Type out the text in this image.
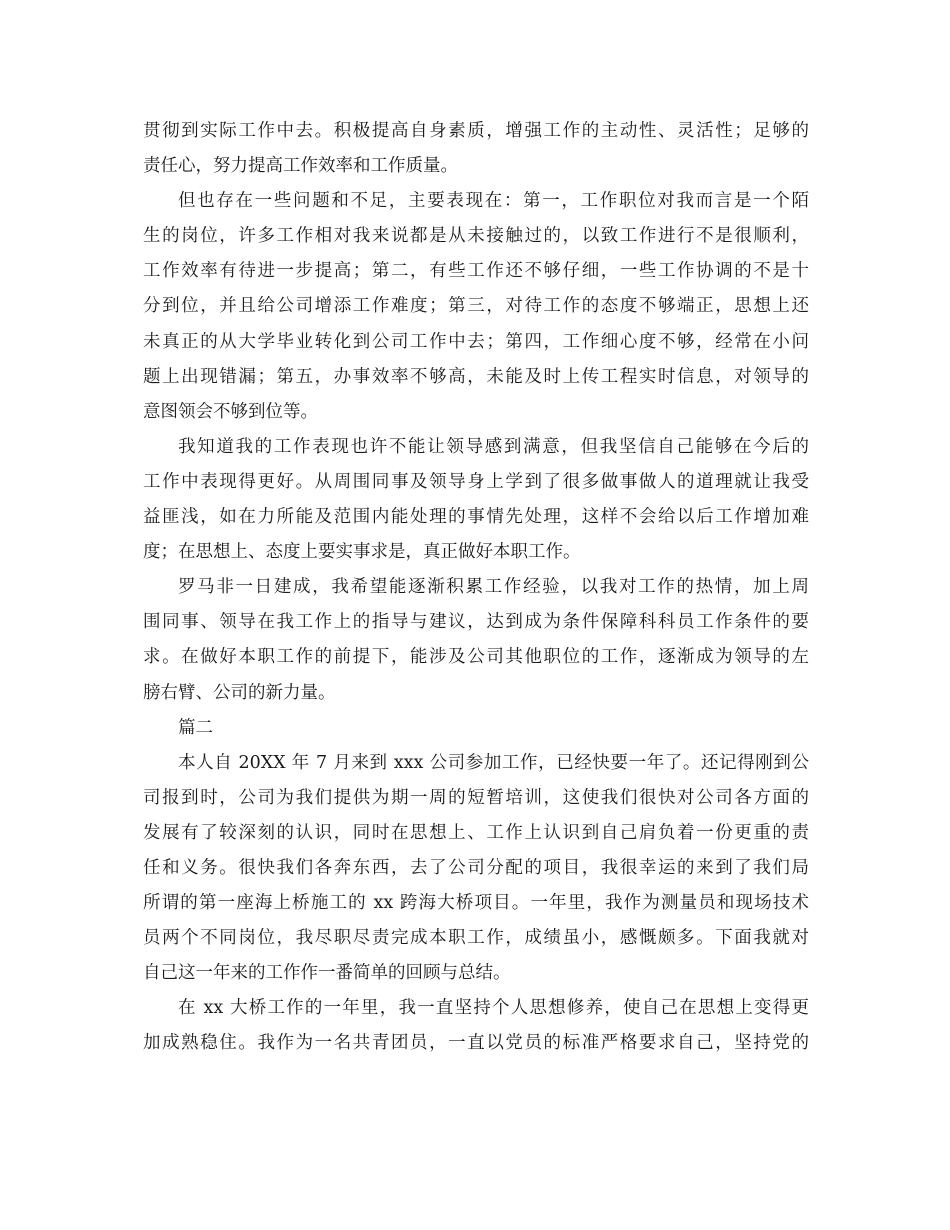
贯彻到实际工作中去。积极提高自身素质，增强工作的主动性、灵活性；足够的
责任心，努力提高工作效率和工作质量。
但也存在一些问题和不足，主要表现在：第一，工作职位对我而言是一个陌
生的岗位，许多工作相对我来说都是从未接触过的，以致工作进行不是很顺利，
工作效率有待进一步提高；第二，有些工作还不够仔细，一些工作协调的不是十
分到位，并且给公司增添工作难度；第三，对待工作的态度不够端正，思想上还
未真正的从大学毕业转化到公司工作中去；第四，工作细心度不够，经常在小问
题上出现错漏；第五，办事效率不够高，未能及时上传工程实时信息，对领导的
意图领会不够到位等。
我知道我的工作表现也许不能让领导感到满意，但我坚信自己能够在今后的
工作中表现得更好。从周围同事及领导身上学到了很多做事做人的道理就让我受
益匪浅，如在力所能及范围内能处理的事情先处理，这样不会给以后工作增加难
度；在思想上、态度上要实事求是，真正做好本职工作。
罗马非一日建成，我希望能逐渐积累工作经验，以我对工作的热情，加上周
围同事、领导在我工作上的指导与建议，达到成为条件保障科科员工作条件的要
求。在做好本职工作的前提下，能涉及公司其他职位的工作，逐渐成为领导的左
膀右臂、公司的新力量。
篇二
本人自 20XX 年 7 月来到 xxx 公司参加工作，已经快要一年了。还记得刚到公
司报到时，公司为我们提供为期一周的短暂培训，这使我们很快对公司各方面的
发展有了较深刻的认识，同时在思想上、工作上认识到自己肩负着一份更重的责
任和义务。很快我们各奔东西，去了公司分配的项目，我很幸运的来到了我们局
所谓的第一座海上桥施工的 xx 跨海大桥项目。一年里，我作为测量员和现场技术
员两个不同岗位，我尽职尽责完成本职工作，成绩虽小，感慨颇多。下面我就对
自己这一年来的工作作一番简单的回顾与总结。
在 xx 大桥工作的一年里，我一直坚持个人思想修养，使自己在思想上变得更
加成熟稳住。我作为一名共青团员，一直以党员的标准严格要求自己，坚持党的
